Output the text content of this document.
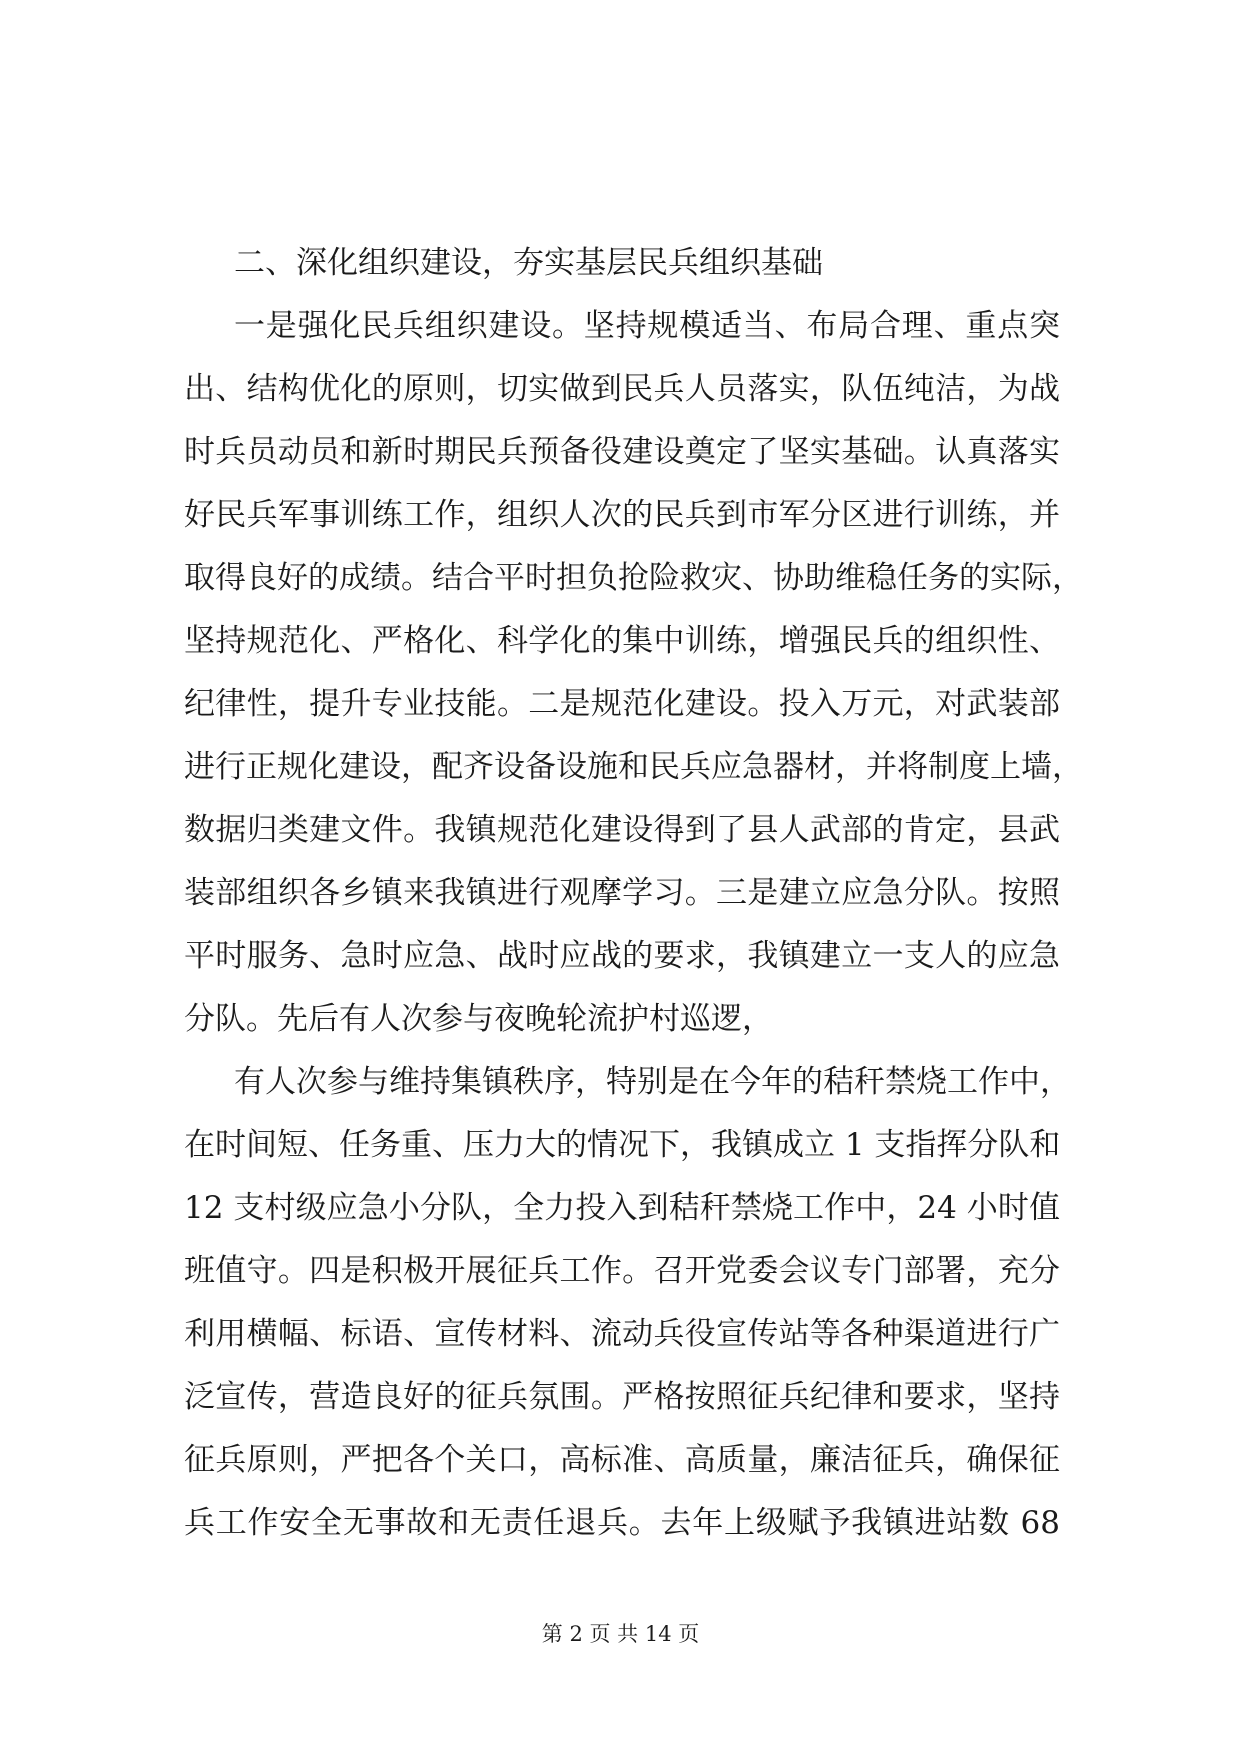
二、深化组织建设，夯实基层民兵组织基础
一是强化民兵组织建设。坚持规模适当、布局合理、重点突
出、结构优化的原则，切实做到民兵人员落实，队伍纯洁，为战
时兵员动员和新时期民兵预备役建设奠定了坚实基础。认真落实
好民兵军事训练工作，组织人次的民兵到市军分区进行训练，并
取得良好的成绩。结合平时担负抢险救灾、协助维稳任务的实际，
坚持规范化、严格化、科学化的集中训练，增强民兵的组织性、
纪律性，提升专业技能。二是规范化建设。投入万元，对武装部
进行正规化建设，配齐设备设施和民兵应急器材，并将制度上墙，
数据归类建文件。我镇规范化建设得到了县人武部的肯定，县武
装部组织各乡镇来我镇进行观摩学习。三是建立应急分队。按照
平时服务、急时应急、战时应战的要求，我镇建立一支人的应急
分队。先后有人次参与夜晚轮流护村巡逻，
有人次参与维持集镇秩序，特别是在今年的秸秆禁烧工作中，
在时间短、任务重、压力大的情况下，我镇成立 1 支指挥分队和
12 支村级应急小分队，全力投入到秸秆禁烧工作中，24 小时值
班值守。四是积极开展征兵工作。召开党委会议专门部署，充分
利用横幅、标语、宣传材料、流动兵役宣传站等各种渠道进行广
泛宣传，营造良好的征兵氛围。严格按照征兵纪律和要求，坚持
征兵原则，严把各个关口，高标准、高质量，廉洁征兵，确保征
兵工作安全无事故和无责任退兵。去年上级赋予我镇进站数 68
第 2 页 共 14 页
